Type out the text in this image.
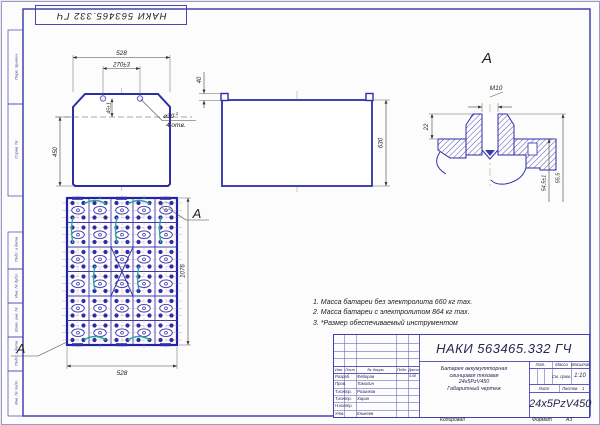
528
270±3
45±1
450
40
630
А
М10
22
54,5±1 55,5
А
А
528
1076
НАКИ 563465.332 ГЧ
Перв. примен.
Справ. №
Подп. и дата
Инв. № дубл.
Взам. инв. №
Подп. и дата
Инв. № подл.
$⌀30^{-1}$
4 отв.
1. Масса батареи без электролита 660 кг max.
2. Масса батареи с электролитом 864 кг max.
3. *Размер обеспечиваемый инструментом
Изм. Лист	№ докум.	Подп. Дата
Разраб. Фёдоров	4.08
Пров.	Томилин
Т.контр. Розинков
Т.контр. Харин
Н.контр.
Утв.	Еникеев
НАКИ 563465.332 ГЧ
Батарея аккумуляторная
свинцовая тяговая
24х5PzV450
Габаритный чертеж
Лит.	Масса Масштаб
См. прим. 1:10
Лист	Листов 1
24х5PzV450
Копировал	Формат	А3
